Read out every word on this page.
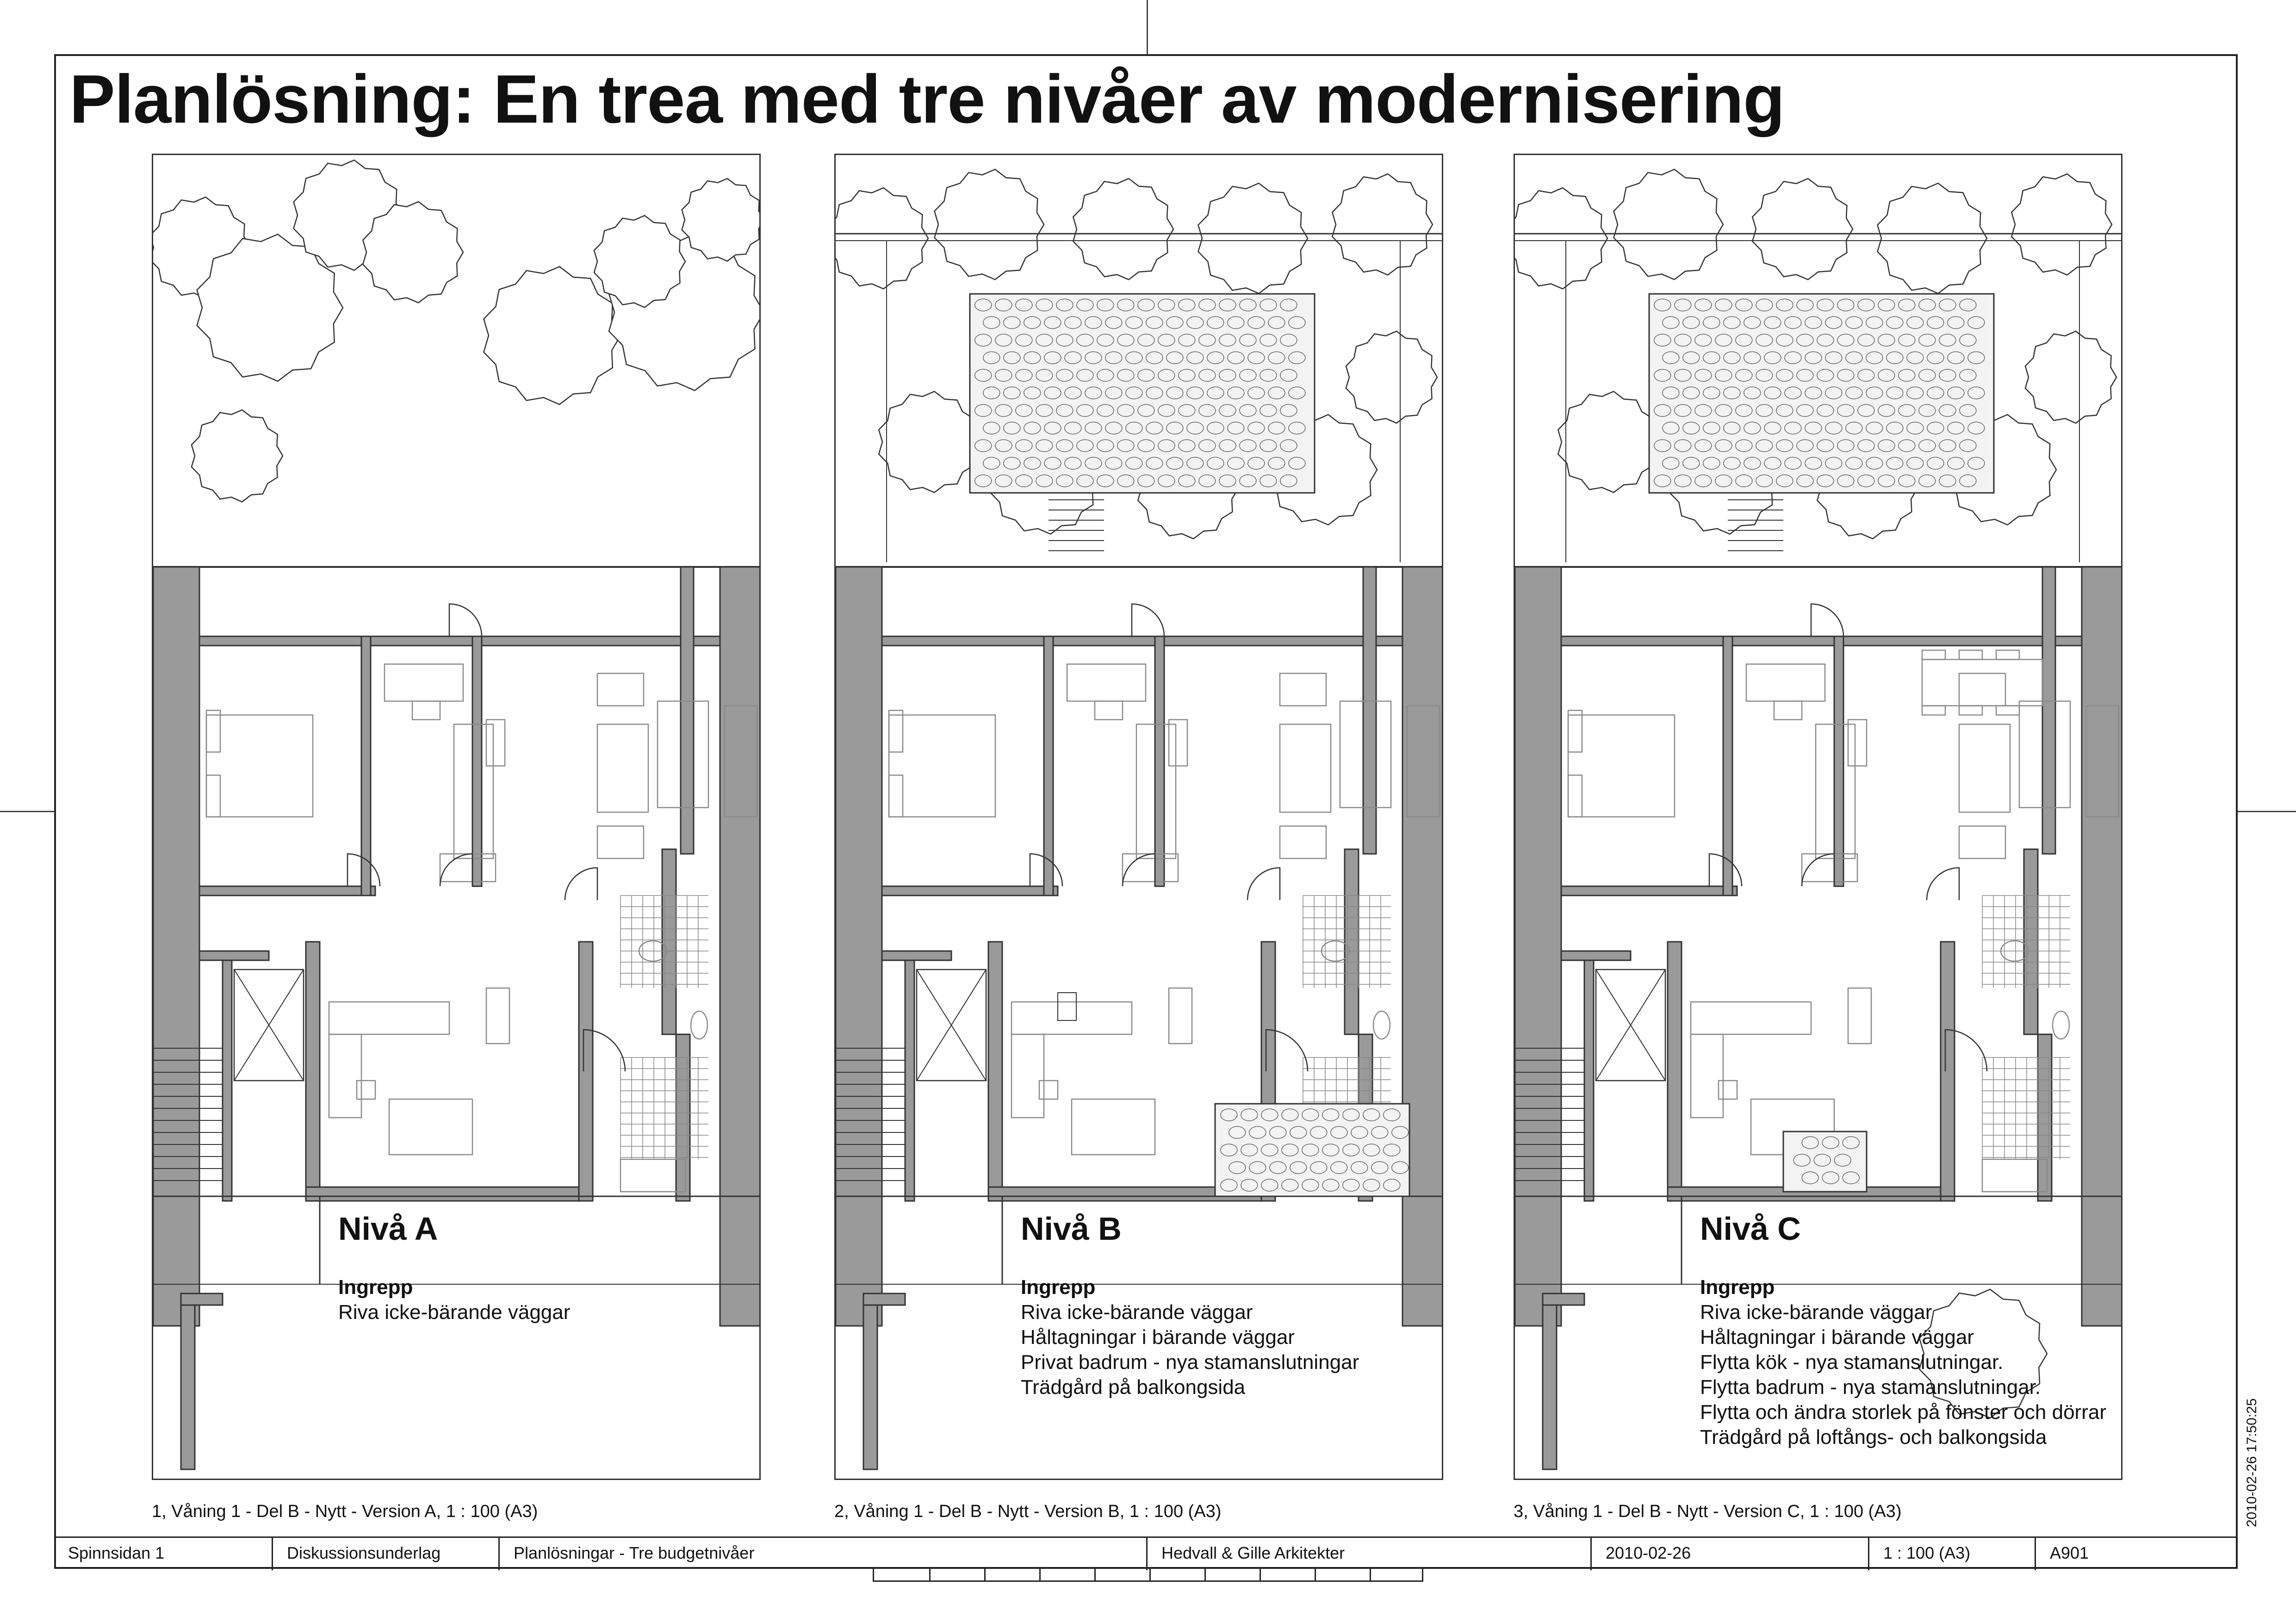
Planlösning: En trea med tre nivåer av modernisering
Nivå A
Ingrepp
Riva icke-bärande väggar
Nivå B
Ingrepp
Riva icke-bärande väggar
Håltagningar i bärande väggar
Privat badrum - nya stamanslutningar
Trädgård på balkongsida
Nivå C
Ingrepp
Riva icke-bärande väggar
Håltagningar i bärande väggar
Flytta kök - nya stamanslutningar.
Flytta badrum - nya stamanslutningar.
Flytta och ändra storlek på fönster och dörrar
Trädgård på loftångs- och balkongsida
1, Våning 1 - Del B - Nytt - Version A, 1 : 100 (A3)	2, Våning 1 - Del B - Nytt - Version B, 1 : 100 (A3)	3, Våning 1 - Del B - Nytt - Version C, 1 : 100 (A3)
Spinnsidan 1	Diskussionsunderlag	Planlösningar - Tre budgetnivåer	Hedvall & Gille Arkitekter	2010-02-26	1 : 100 (A3)	A901
2010-02-26 17:50:25
